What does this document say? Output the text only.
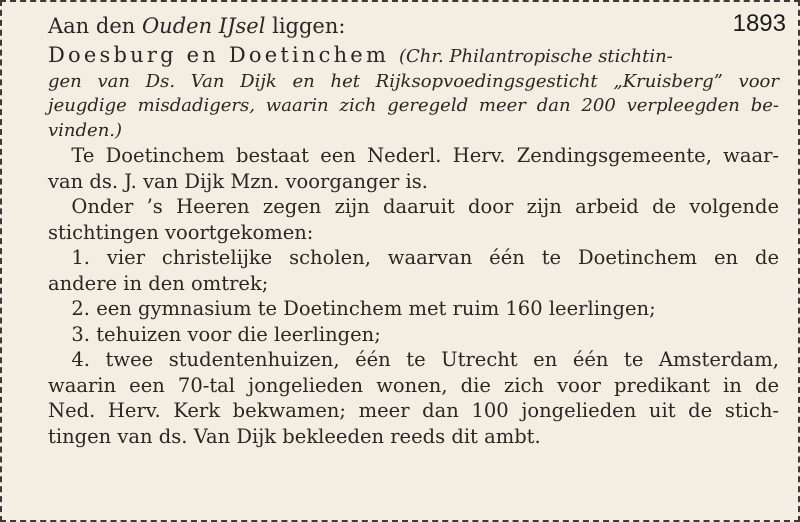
1893
Aan den Ouden IJsel liggen:
Doesburg en Doetinchem (Chr. Philantropische stichtin-
gen van Ds. Van Dijk en het Rijksopvoedingsgesticht „Kruisberg” voor
jeugdige misdadigers, waarin zich geregeld meer dan 200 verpleegden be-
vinden.)
Te Doetinchem bestaat een Nederl. Herv. Zendingsgemeente, waar-
van ds. J. van Dijk Mzn. voorganger is.
Onder ’s Heeren zegen zijn daaruit door zijn arbeid de volgende
stichtingen voortgekomen:
1. vier christelijke scholen, waarvan één te Doetinchem en de
andere in den omtrek;
2. een gymnasium te Doetinchem met ruim 160 leerlingen;
3. tehuizen voor die leerlingen;
4. twee studentenhuizen, één te Utrecht en één te Amsterdam,
waarin een 70-tal jongelieden wonen, die zich voor predikant in de
Ned. Herv. Kerk bekwamen; meer dan 100 jongelieden uit de stich-
tingen van ds. Van Dijk bekleeden reeds dit ambt.
